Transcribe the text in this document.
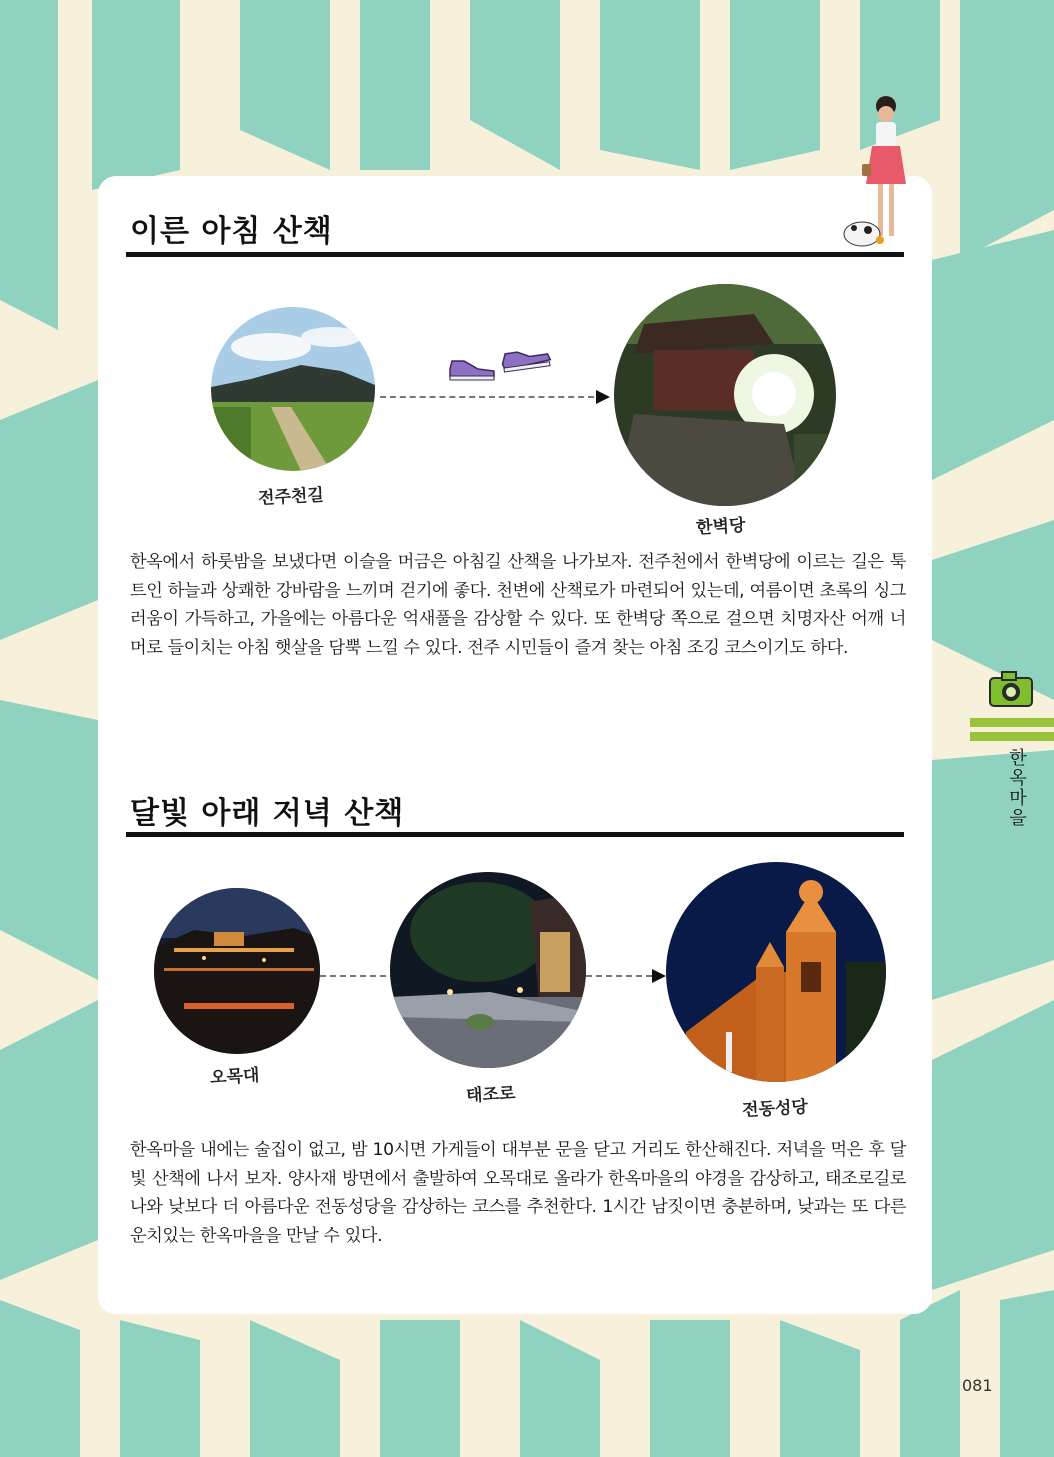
이른 아침 산책
전주천길
한벽당
한옥에서 하룻밤을 보냈다면 이슬을 머금은 아침길 산책을 나가보자. 전주천에서 한벽당에 이르는 길은 툭 트인 하늘과 상쾌한 강바람을 느끼며 걷기에 좋다. 천변에 산책로가 마련되어 있는데, 여름이면 초록의 싱그러움이 가득하고, 가을에는 아름다운 억새풀을 감상할 수 있다. 또 한벽당 쪽으로 걸으면 치명자산 어깨 너머로 들이치는 아침 햇살을 담뿍 느낄 수 있다. 전주 시민들이 즐겨 찾는 아침 조깅 코스이기도 하다.
한옥마을
달빛 아래 저녁 산책
오목대
태조로
전동성당
한옥마을 내에는 술집이 없고, 밤 10시면 가게들이 대부분 문을 닫고 거리도 한산해진다. 저녁을 먹은 후 달빛 산책에 나서 보자. 양사재 방면에서 출발하여 오목대로 올라가 한옥마을의 야경을 감상하고, 태조로길로 나와 낮보다 더 아름다운 전동성당을 감상하는 코스를 추천한다. 1시간 남짓이면 충분하며, 낮과는 또 다른 운치있는 한옥마을을 만날 수 있다.
081
